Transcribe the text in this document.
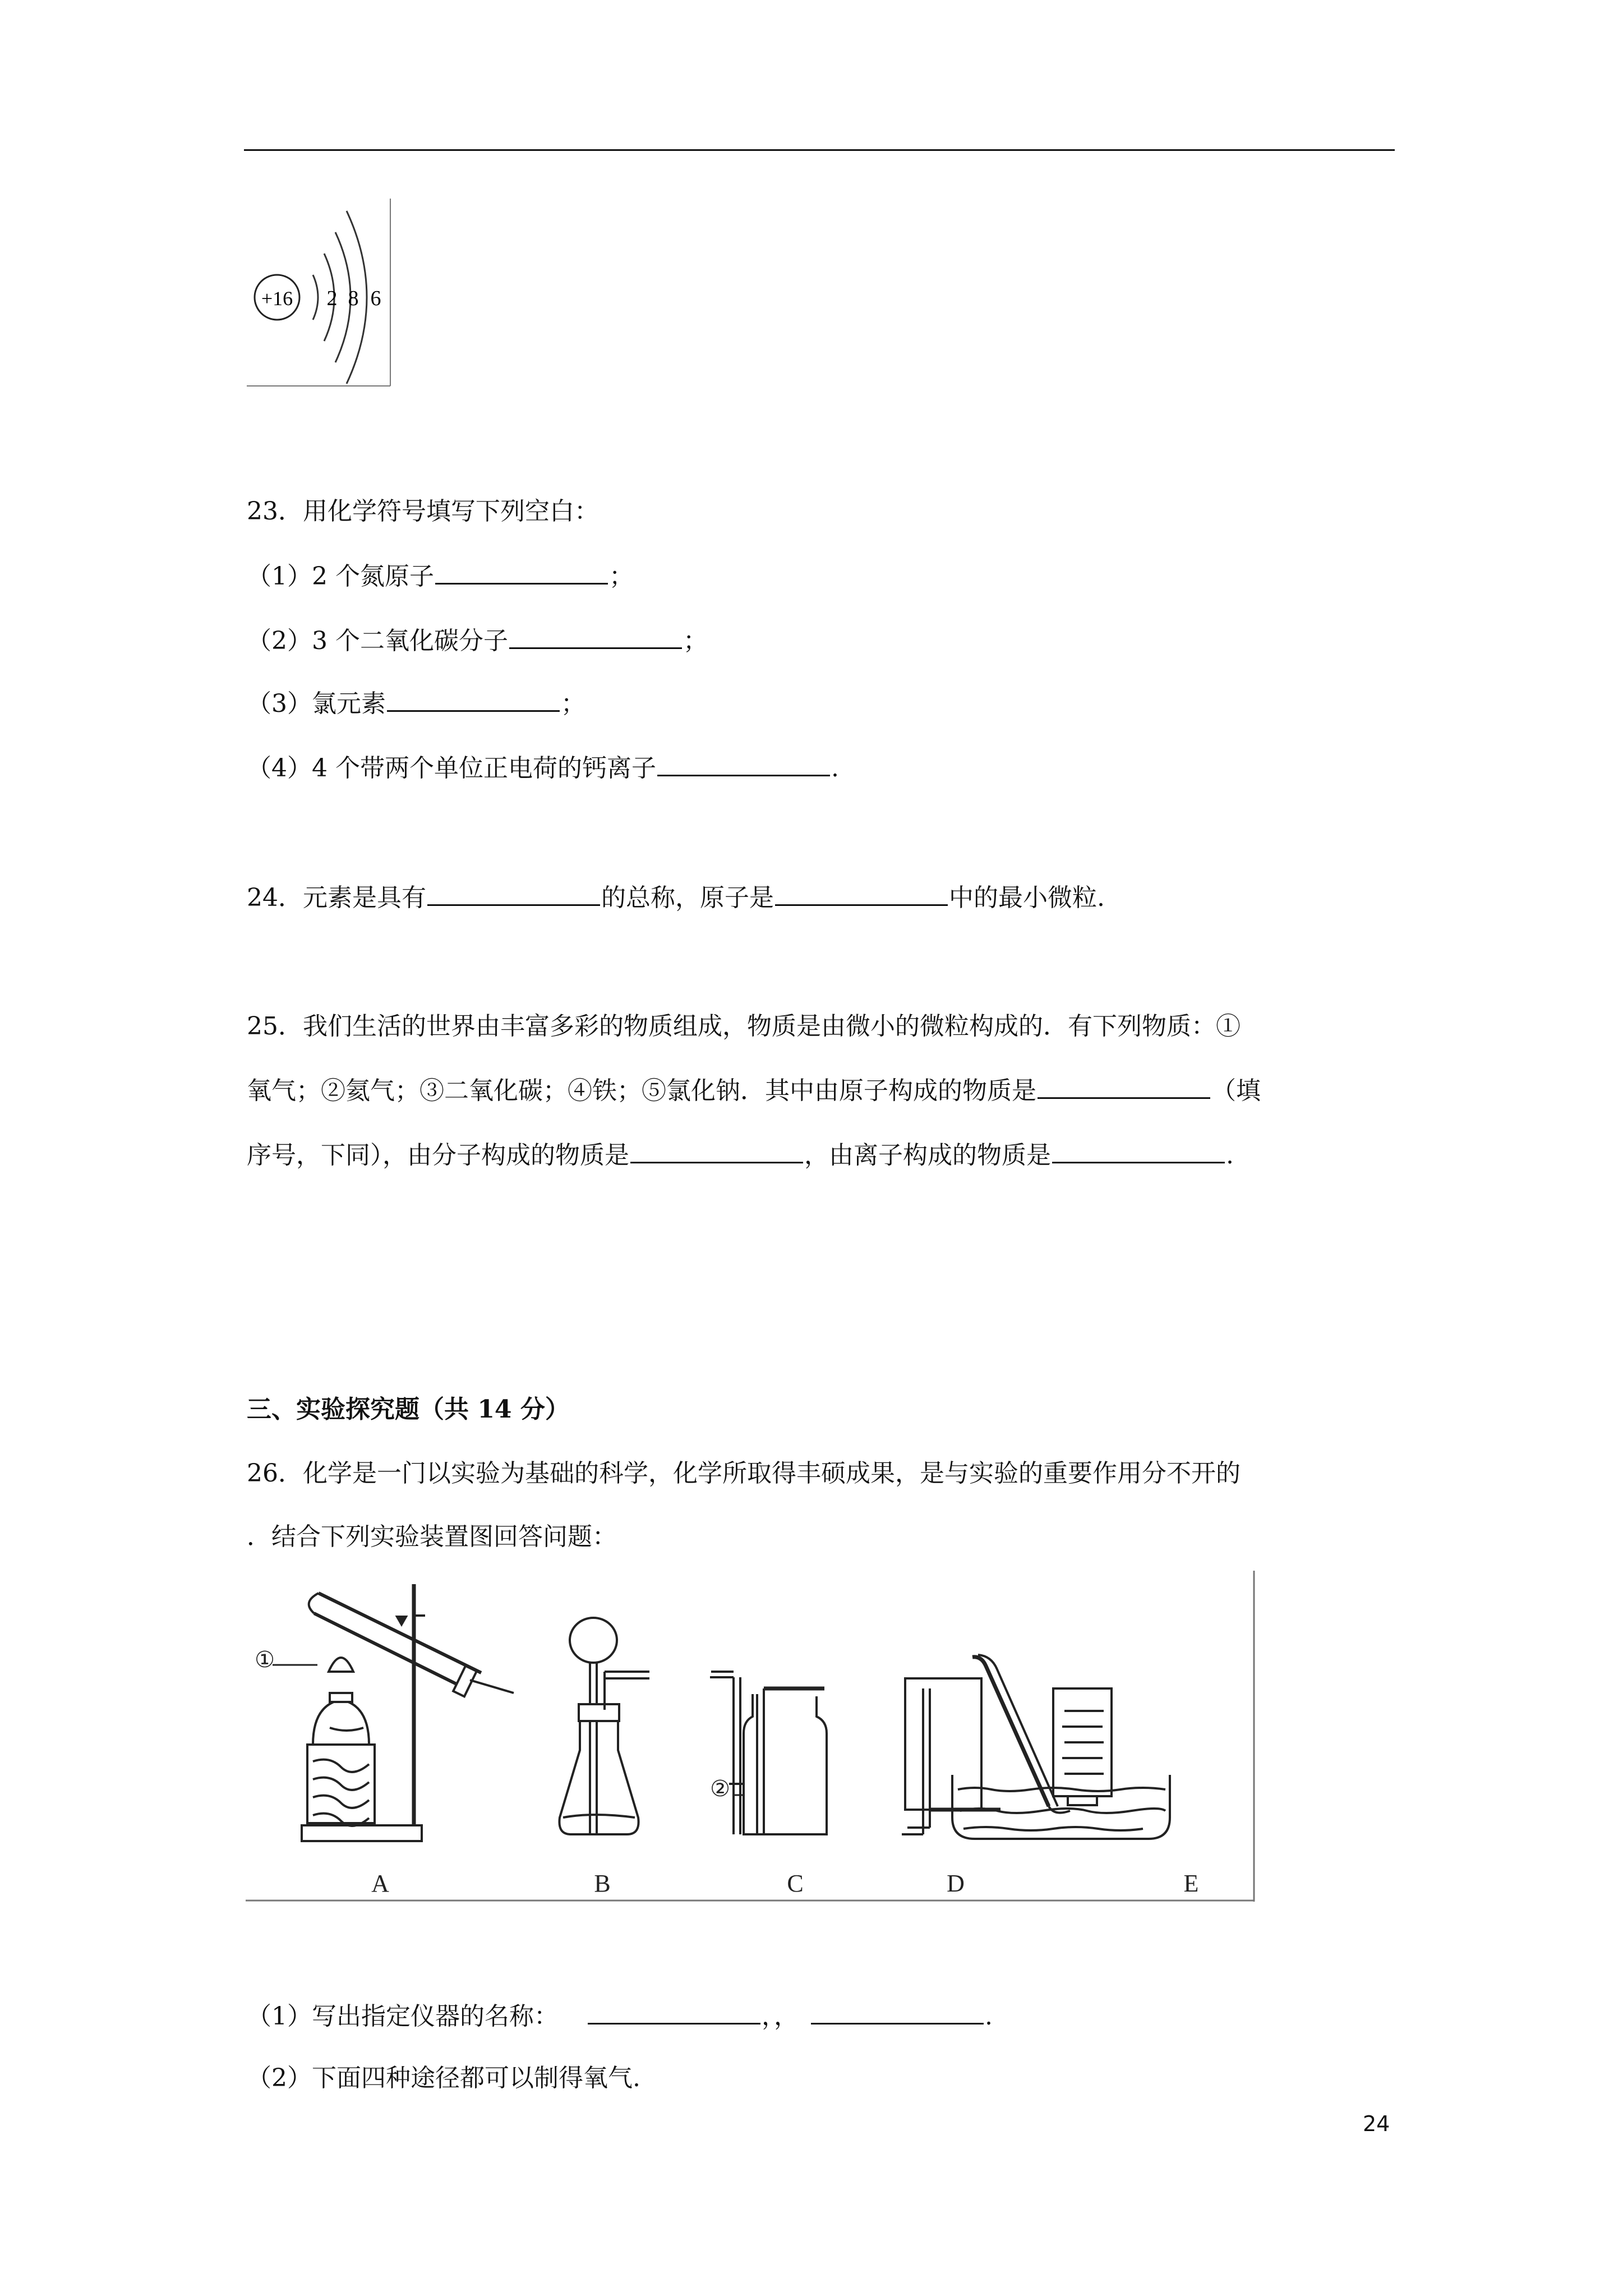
+16 2 8 6
23．用化学符号填写下列空白：
（1）2 个氮原子	；
（2）3 个二氧化碳分子	；
（3）氯元素	；
（4）4 个带两个单位正电荷的钙离子	.
24．元素是具有	的总称，原子是	中的最小微粒.
25．我们生活的世界由丰富多彩的物质组成，物质是由微小的微粒构成的．有下列物质：①
氧气；②氦气；③二氧化碳；④铁；⑤氯化钠．其中由原子构成的物质是	（填
序号，下同），由分子构成的物质是	，由离子构成的物质是	.
三、实验探究题（共 14 分）
26．化学是一门以实验为基础的科学，化学所取得丰硕成果，是与实验的重要作用分不开的
．结合下列实验装置图回答问题：
①
②
A	B	C	D	E
（1）写出指定仪器的名称：	，，	.
（2）下面四种途径都可以制得氧气.
24
